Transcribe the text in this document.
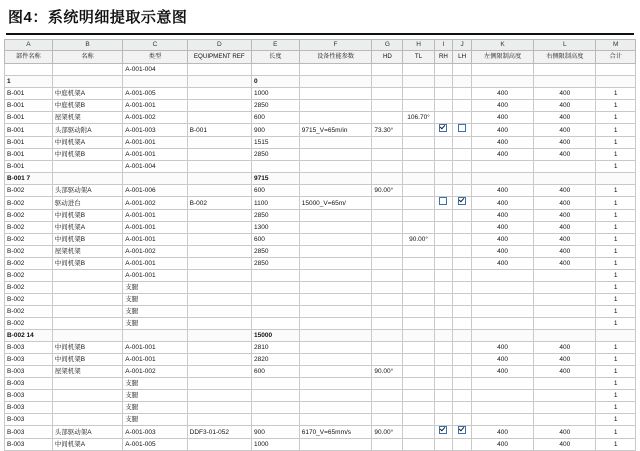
图4：系统明细提取示意图
A	B	C	D	E	F	G	H	I	J	K	L	M
部件名称	名称	类型	EQUIPMENT REF	长度	设备性能参数	HD	TL	RH	LH	左侧限制高度	右侧限制高度	合计
		A-001-004										
1				0								
B-001	中庭机架A	A-001-005		1000						400	400	1
B-001	中庭机架B	A-001-001		2850						400	400	1
B-001	屋架机架	A-001-002		600			106.70°			400	400	1
B-001	头部驱动附A	A-001-003	B-001	900	9715_V=65m/in	73.30°				400	400	1
B-001	中间机架A	A-001-001		1515						400	400	1
B-001	中间机架B	A-001-001		2850						400	400	1
B-001		A-001-004										1
B-001 7				9715								
B-002	头部驱动架A	A-001-006		600		90.00°				400	400	1
B-002	驱动进台	A-001-002	B-002	1100	15000_V=65m/					400	400	1
B-002	中间机架B	A-001-001		2850						400	400	1
B-002	中间机架A	A-001-001		1300						400	400	1
B-002	中间机架B	A-001-001		600			90.00°			400	400	1
B-002	屋架机架	A-001-002		2850						400	400	1
B-002	中间机架B	A-001-001		2850						400	400	1
B-002		A-001-001										1
B-002		支腿										1
B-002		支腿										1
B-002		支腿										1
B-002		支腿										1
B-002 14				15000								
B-003	中间机架B	A-001-001		2810						400	400	1
B-003	中间机架B	A-001-001		2820						400	400	1
B-003	屋架机架	A-001-002		600		90.00°				400	400	1
B-003		支腿										1
B-003		支腿										1
B-003		支腿										1
B-003		支腿										1
B-003	头部驱动架A	A-001-003	DDF3-01-052	900	6170_V=65mm/s	90.00°				400	400	1
B-003	中间机架A	A-001-005		1000						400	400	1
